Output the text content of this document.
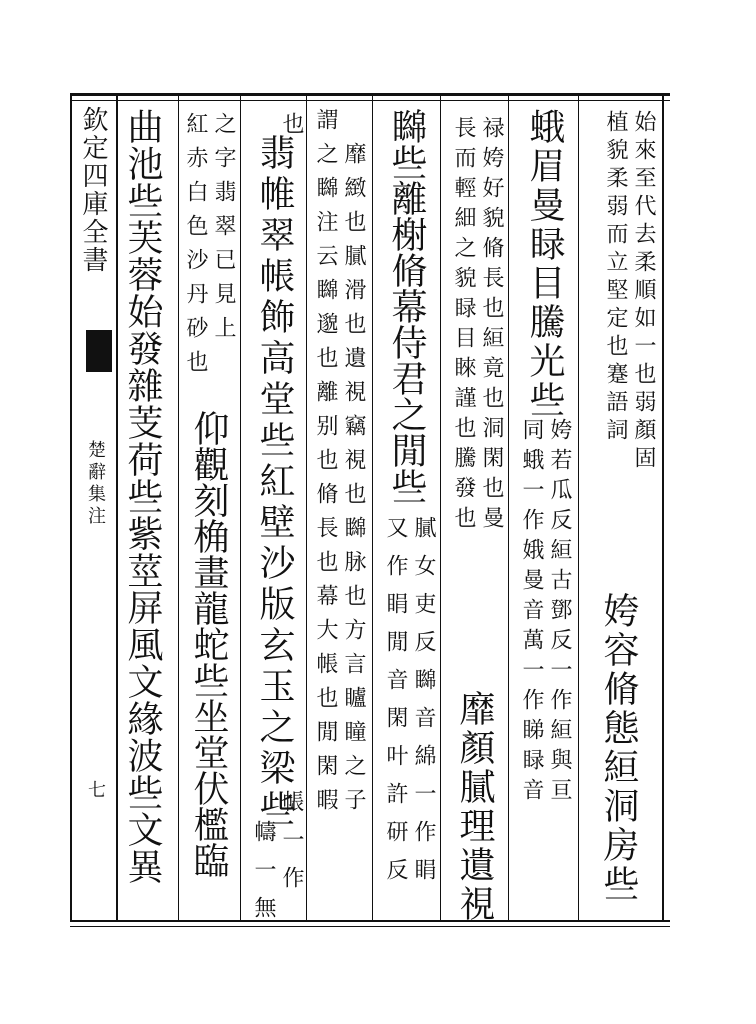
欽定四庫全書
楚辭集注
七
始來至代去柔順如一也弱顏固
植貌柔弱而立堅定也蹇語詞
姱容脩態絙洞房些
蛾眉曼睩目騰光些
姱若瓜反絙古鄧反一作絙與亘
同蛾一作娥曼音萬一作睇睩音
禄姱好貌脩長也絙竟也洞閑也曼
長而輕細之貌睩目睞謹也騰發也
靡顏膩理遺視
矊些離榭脩幕侍君之閒些
膩女吏反矊音綿一作睊
又作睊閒音閑叶許研反
靡緻也膩滑也遺視竊視也矊脉也方言矑瞳之子
謂之矊注云矊邈也離别也脩長也幕大帳也閒閑暇
也
翡帷翠帳飾高堂些紅壁沙版玄玉之梁些
帳一作
幬一無
之字翡翠已見上
紅赤白色沙丹砂也
仰觀刻桷畫龍蛇些坐堂伏檻臨
曲池些芙蓉始發雜芰荷些紫莖屏風文緣波些文異
